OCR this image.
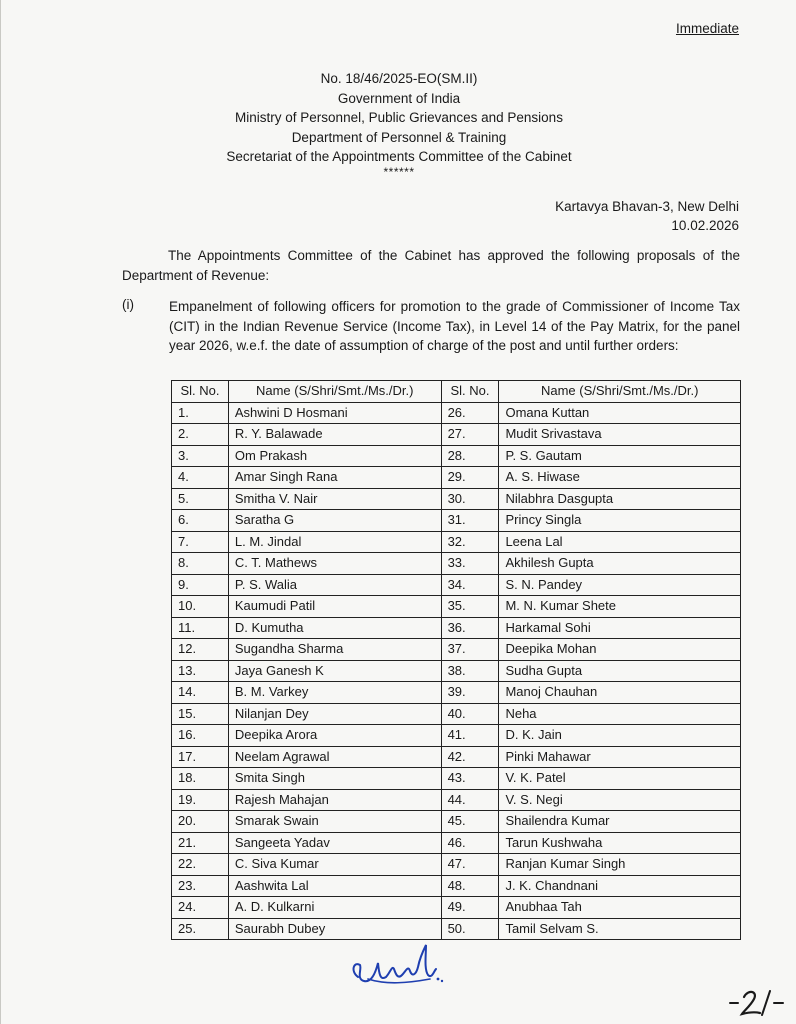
Immediate
No. 18/46/2025-EO(SM.II)
Government of India
Ministry of Personnel, Public Grievances and Pensions
Department of Personnel & Training
Secretariat of the Appointments Committee of the Cabinet
******
Kartavya Bhavan-3, New Delhi
10.02.2026
The Appointments Committee of the Cabinet has approved the following proposals of the Department of Revenue:
(i)	Empanelment of following officers for promotion to the grade of Commissioner of Income Tax (CIT) in the Indian Revenue Service (Income Tax), in Level 14 of the Pay Matrix, for the panel year 2026, w.e.f. the date of assumption of charge of the post and until further orders:
Sl. No.	Name (S/Shri/Smt./Ms./Dr.)	Sl. No.	Name (S/Shri/Smt./Ms./Dr.)
1.	Ashwini D Hosmani	26.	Omana Kuttan
2.	R. Y. Balawade	27.	Mudit Srivastava
3.	Om Prakash	28.	P. S. Gautam
4.	Amar Singh Rana	29.	A. S. Hiwase
5.	Smitha V. Nair	30.	Nilabhra Dasgupta
6.	Saratha G	31.	Princy Singla
7.	L. M. Jindal	32.	Leena Lal
8.	C. T. Mathews	33.	Akhilesh Gupta
9.	P. S. Walia	34.	S. N. Pandey
10.	Kaumudi Patil	35.	M. N. Kumar Shete
11.	D. Kumutha	36.	Harkamal Sohi
12.	Sugandha Sharma	37.	Deepika Mohan
13.	Jaya Ganesh K	38.	Sudha Gupta
14.	B. M. Varkey	39.	Manoj Chauhan
15.	Nilanjan Dey	40.	Neha
16.	Deepika Arora	41.	D. K. Jain
17.	Neelam Agrawal	42.	Pinki Mahawar
18.	Smita Singh	43.	V. K. Patel
19.	Rajesh Mahajan	44.	V. S. Negi
20.	Smarak Swain	45.	Shailendra Kumar
21.	Sangeeta Yadav	46.	Tarun Kushwaha
22.	C. Siva Kumar	47.	Ranjan Kumar Singh
23.	Aashwita Lal	48.	J. K. Chandnani
24.	A. D. Kulkarni	49.	Anubhaa Tah
25.	Saurabh Dubey	50.	Tamil Selvam S.
